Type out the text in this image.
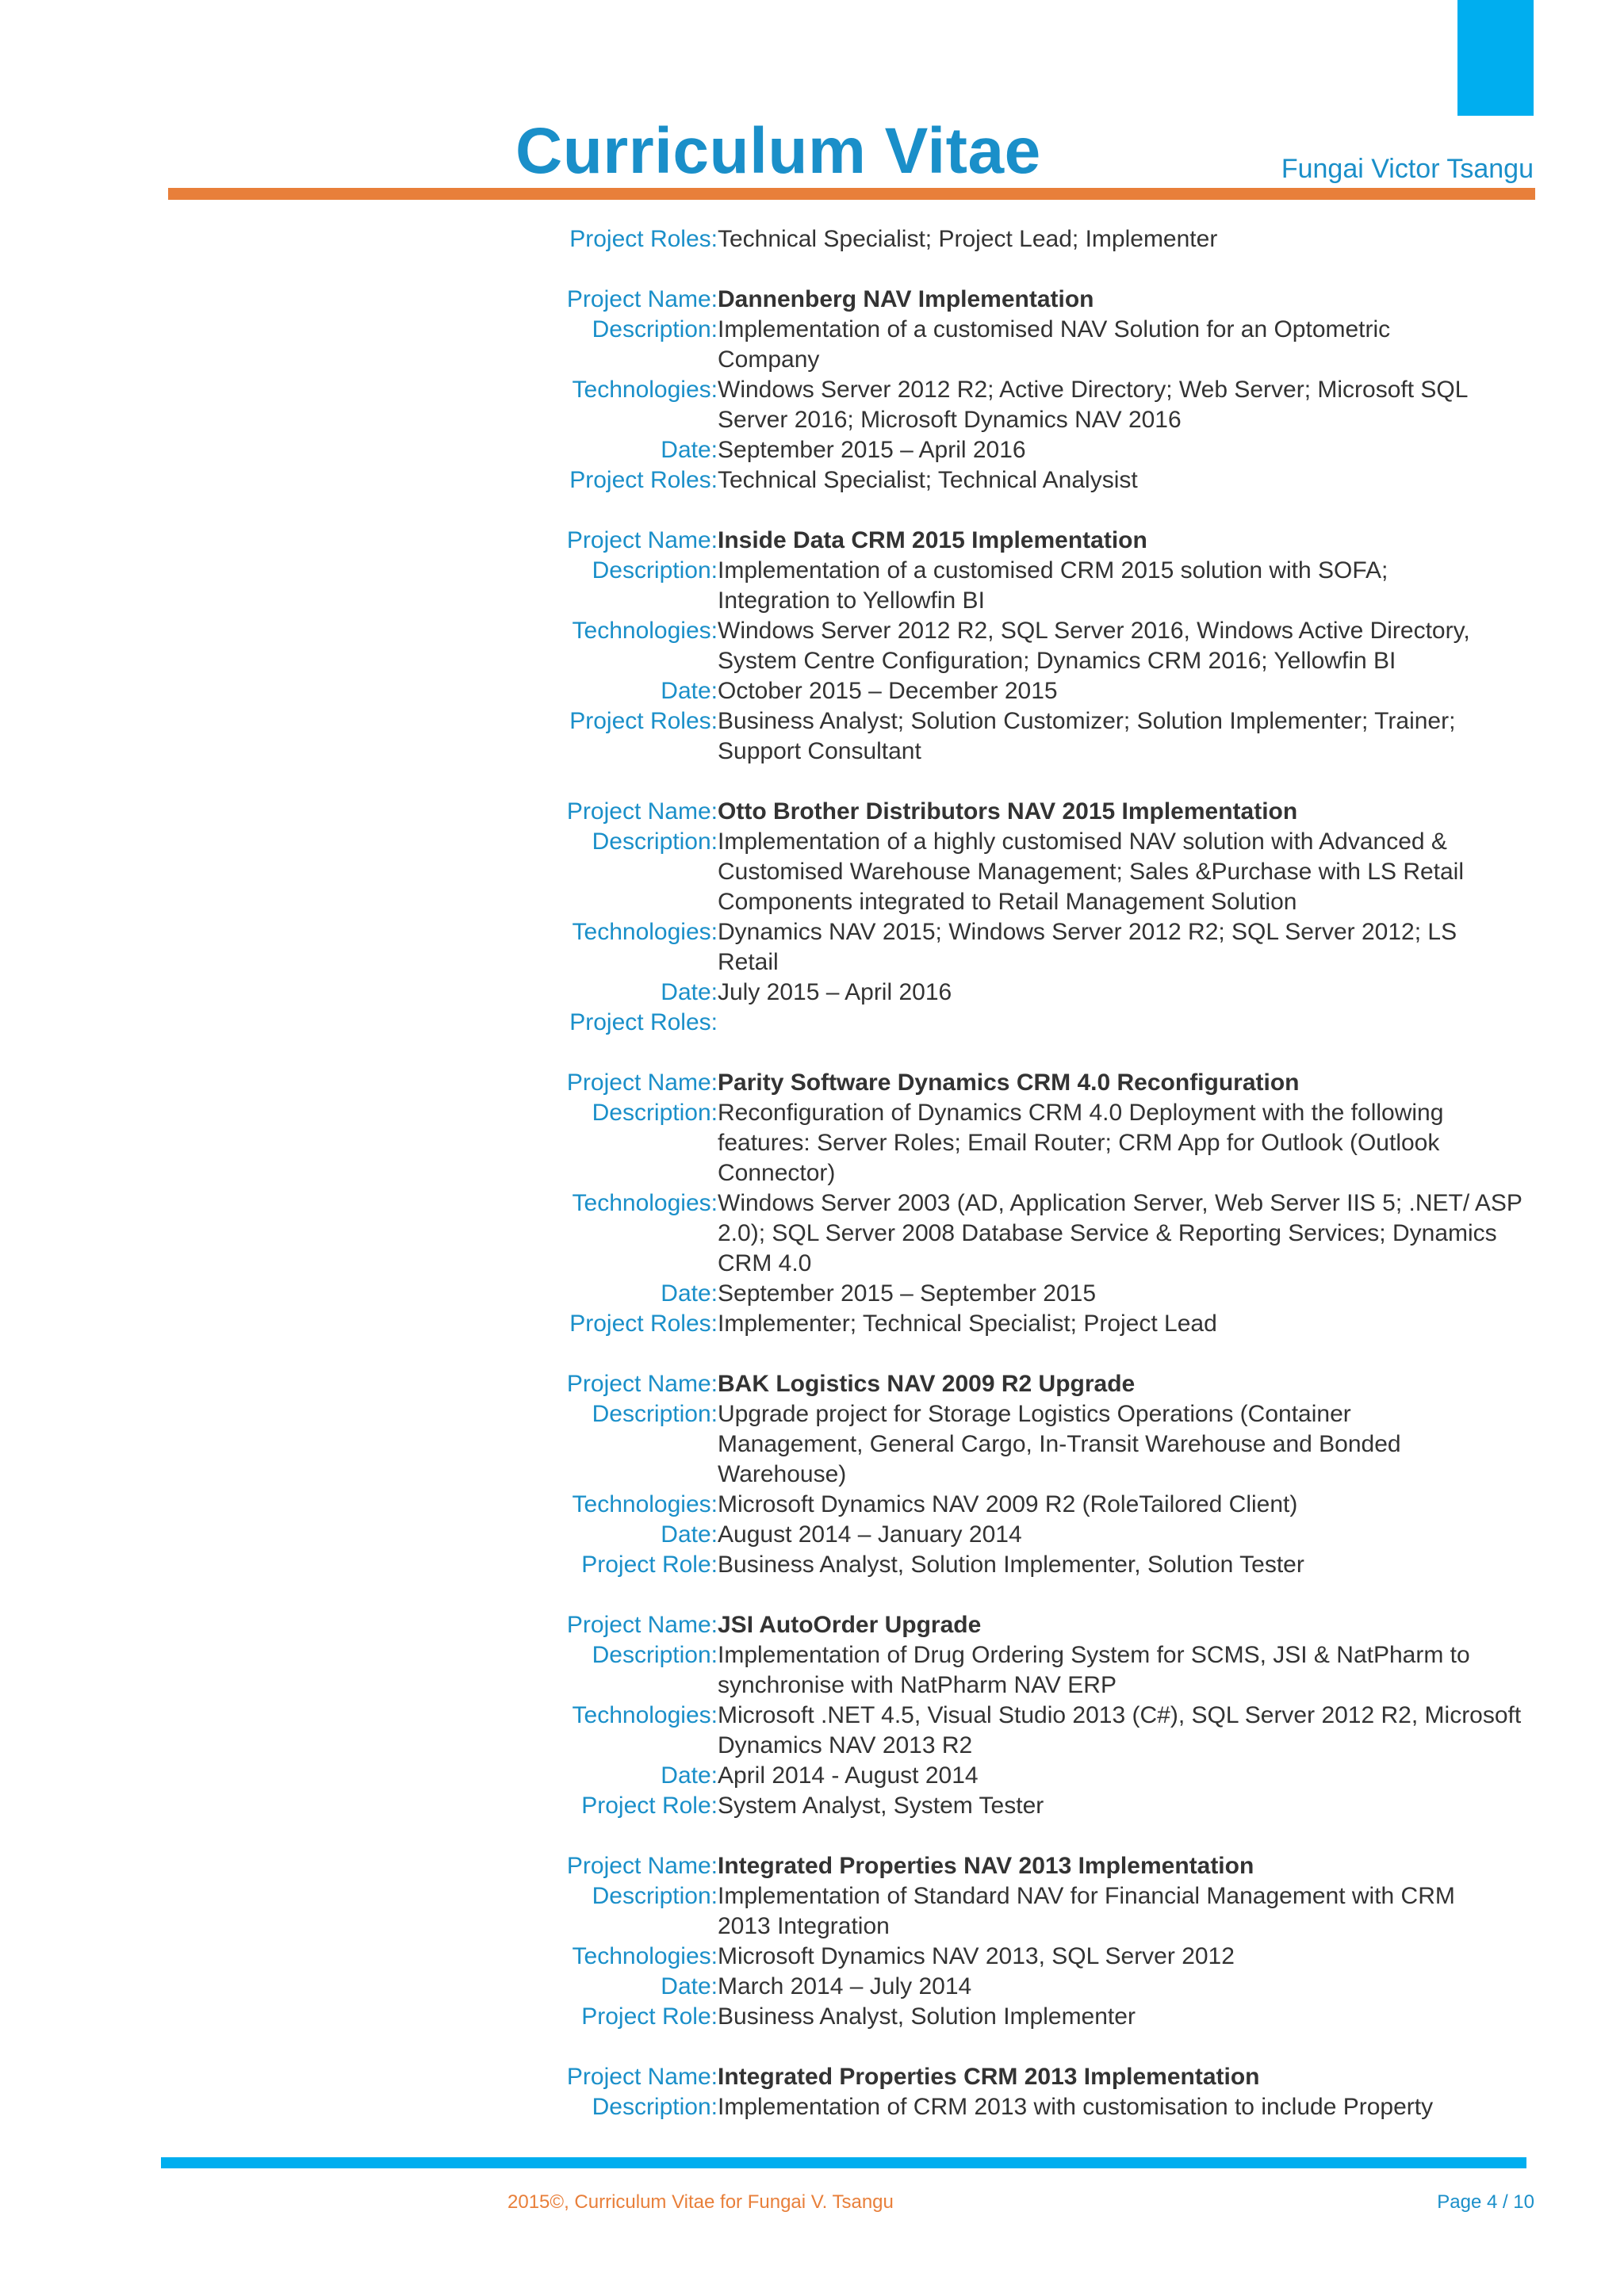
Curriculum Vitae	Fungai Victor Tsangu
Project Roles: Technical Specialist; Project Lead; Implementer
Project Name: Dannenberg NAV Implementation
Description: Implementation of a customised NAV Solution for an Optometric
Company
Technologies: Windows Server 2012 R2; Active Directory; Web Server; Microsoft SQL
Server 2016; Microsoft Dynamics NAV 2016
Date: September 2015 – April 2016
Project Roles: Technical Specialist; Technical Analysist
Project Name: Inside Data CRM 2015 Implementation
Description: Implementation of a customised CRM 2015 solution with SOFA;
Integration to Yellowfin BI
Technologies: Windows Server 2012 R2, SQL Server 2016, Windows Active Directory,
System Centre Configuration; Dynamics CRM 2016; Yellowfin BI
Date: October 2015 – December 2015
Project Roles: Business Analyst; Solution Customizer; Solution Implementer; Trainer;
Support Consultant
Project Name: Otto Brother Distributors NAV 2015 Implementation
Description: Implementation of a highly customised NAV solution with Advanced &
Customised Warehouse Management; Sales &Purchase with LS Retail
Components integrated to Retail Management Solution
Technologies: Dynamics NAV 2015; Windows Server 2012 R2; SQL Server 2012; LS Retail
Date: July 2015 – April 2016
Project Roles:
Project Name: Parity Software Dynamics CRM 4.0 Reconfiguration
Description: Reconfiguration of Dynamics CRM 4.0 Deployment with the following
features: Server Roles; Email Router; CRM App for Outlook (Outlook
Connector)
Technologies: Windows Server 2003 (AD, Application Server, Web Server IIS 5; .NET/ ASP
2.0); SQL Server 2008 Database Service & Reporting Services; Dynamics
CRM 4.0
Date: September 2015 – September 2015
Project Roles: Implementer; Technical Specialist; Project Lead
Project Name: BAK Logistics NAV 2009 R2 Upgrade
Description: Upgrade project for Storage Logistics Operations (Container
Management, General Cargo, In-Transit Warehouse and Bonded
Warehouse)
Technologies: Microsoft Dynamics NAV 2009 R2 (RoleTailored Client)
Date: August 2014 – January 2014
Project Role: Business Analyst, Solution Implementer, Solution Tester
Project Name: JSI AutoOrder Upgrade
Description: Implementation of Drug Ordering System for SCMS, JSI & NatPharm to
synchronise with NatPharm NAV ERP
Technologies: Microsoft .NET 4.5, Visual Studio 2013 (C#), SQL Server 2012 R2, Microsoft
Dynamics NAV 2013 R2
Date: April 2014 - August 2014
Project Role: System Analyst, System Tester
Project Name: Integrated Properties NAV 2013 Implementation
Description: Implementation of Standard NAV for Financial Management with CRM
2013 Integration
Technologies: Microsoft Dynamics NAV 2013, SQL Server 2012
Date: March 2014 – July 2014
Project Role: Business Analyst, Solution Implementer
Project Name: Integrated Properties CRM 2013 Implementation
Description: Implementation of CRM 2013 with customisation to include Property
2015©, Curriculum Vitae for Fungai V. Tsangu	Page 4 / 10
